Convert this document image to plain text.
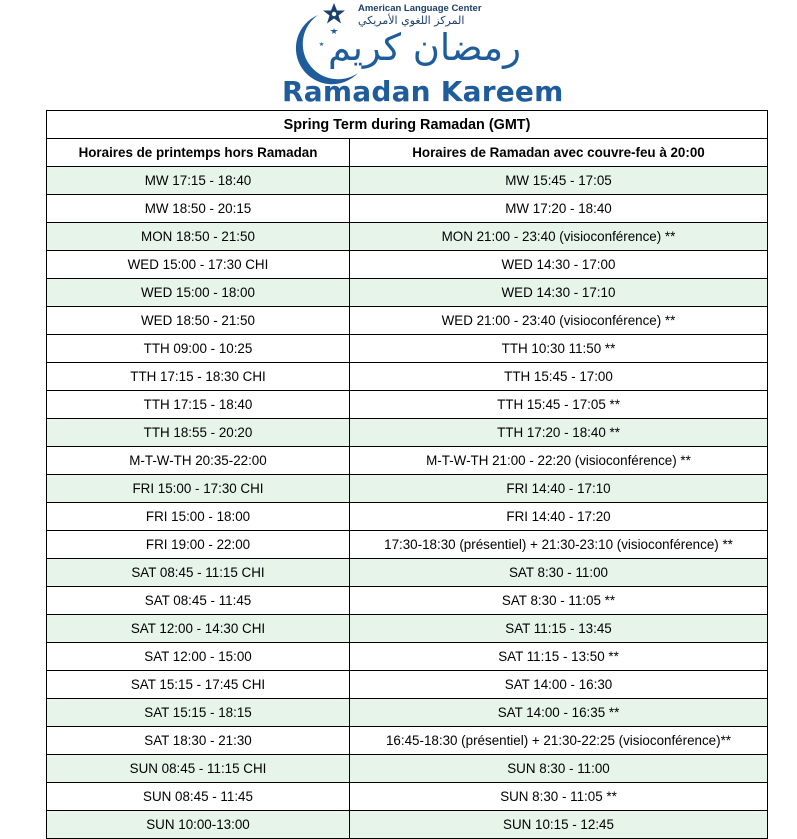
American Language Center
المركز اللغوي الأمريكي
رمضان كريم
Ramadan Kareem
Spring Term during Ramadan (GMT)	
Horaires de printemps hors Ramadan	Horaires de Ramadan avec couvre-feu à 20:00
MW 17:15 - 18:40	MW 15:45 - 17:05
MW 18:50 - 20:15	MW 17:20 - 18:40
MON 18:50 - 21:50	MON 21:00 - 23:40 (visioconférence) **
WED 15:00 - 17:30 CHI	WED 14:30 - 17:00
WED 15:00 - 18:00	WED 14:30 - 17:10
WED 18:50 - 21:50	WED 21:00 - 23:40 (visioconférence) **
TTH 09:00 - 10:25	TTH 10:30 11:50 **
TTH 17:15 - 18:30 CHI	TTH 15:45 - 17:00
TTH 17:15 - 18:40	TTH 15:45 - 17:05 **
TTH 18:55 - 20:20	TTH 17:20 - 18:40 **
M-T-W-TH 20:35-22:00	M-T-W-TH 21:00 - 22:20 (visioconférence) **
FRI 15:00 - 17:30 CHI	FRI 14:40 - 17:10
FRI 15:00 - 18:00	FRI 14:40 - 17:20
FRI 19:00 - 22:00	17:30-18:30 (présentiel) + 21:30-23:10 (visioconférence) **
SAT 08:45 - 11:15 CHI	SAT 8:30 - 11:00
SAT 08:45 - 11:45	SAT 8:30 - 11:05 **
SAT 12:00 - 14:30 CHI	SAT 11:15 - 13:45
SAT 12:00 - 15:00	SAT 11:15 - 13:50 **
SAT 15:15 - 17:45 CHI	SAT 14:00 - 16:30
SAT 15:15 - 18:15	SAT 14:00 - 16:35 **
SAT 18:30 - 21:30	16:45-18:30 (présentiel) + 21:30-22:25 (visioconférence)**
SUN 08:45 - 11:15 CHI	SUN 8:30 - 11:00
SUN 08:45 - 11:45	SUN 8:30 - 11:05 **
SUN 10:00-13:00	SUN 10:15 - 12:45
